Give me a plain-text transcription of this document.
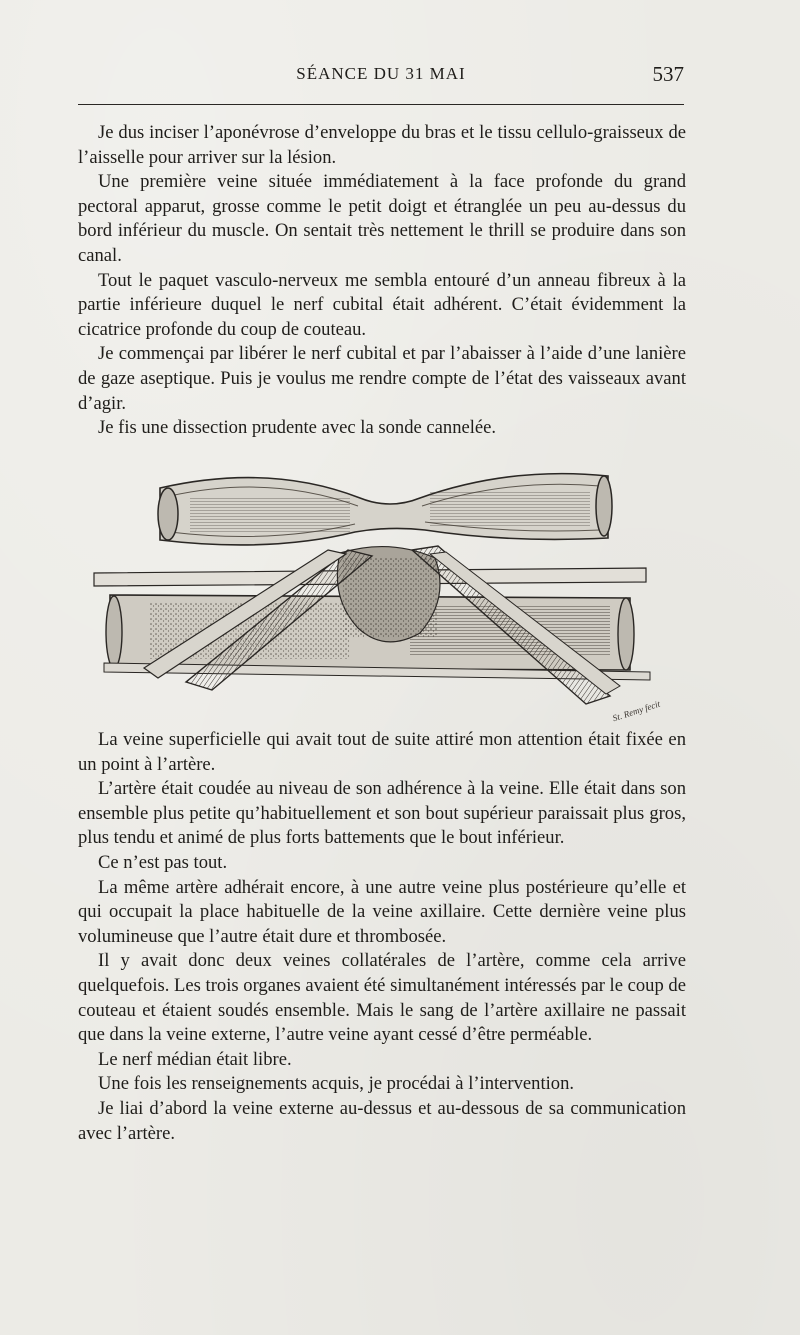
SÉANCE DU 31 MAI	537

Je dus inciser l’aponévrose d’enveloppe du bras et le tissu cellulo-graisseux de l’aisselle pour arriver sur la lésion.

Une première veine située immédiatement à la face profonde du grand pectoral apparut, grosse comme le petit doigt et étranglée un peu au-dessus du bord inférieur du muscle. On sentait très nettement le thrill se produire dans son canal.

Tout le paquet vasculo-nerveux me sembla entouré d’un anneau fibreux à la partie inférieure duquel le nerf cubital était adhérent. C’était évidemment la cicatrice profonde du coup de couteau.

Je commençai par libérer le nerf cubital et par l’abaisser à l’aide d’une lanière de gaze aseptique. Puis je voulus me rendre compte de l’état des vaisseaux avant d’agir.

Je fis une dissection prudente avec la sonde cannelée.

St. Remy fecit

La veine superficielle qui avait tout de suite attiré mon attention était fixée en un point à l’artère.

L’artère était coudée au niveau de son adhérence à la veine. Elle était dans son ensemble plus petite qu’habituellement et son bout supérieur paraissait plus gros, plus tendu et animé de plus forts battements que le bout inférieur.

Ce n’est pas tout.

La même artère adhérait encore, à une autre veine plus postérieure qu’elle et qui occupait la place habituelle de la veine axillaire. Cette dernière veine plus volumineuse que l’autre était dure et thrombosée.

Il y avait donc deux veines collatérales de l’artère, comme cela arrive quelquefois. Les trois organes avaient été simultanément intéressés par le coup de couteau et étaient soudés ensemble. Mais le sang de l’artère axillaire ne passait que dans la veine externe, l’autre veine ayant cessé d’être perméable.

Le nerf médian était libre.

Une fois les renseignements acquis, je procédai à l’intervention.

Je liai d’abord la veine externe au-dessus et au-dessous de sa communication avec l’artère.
